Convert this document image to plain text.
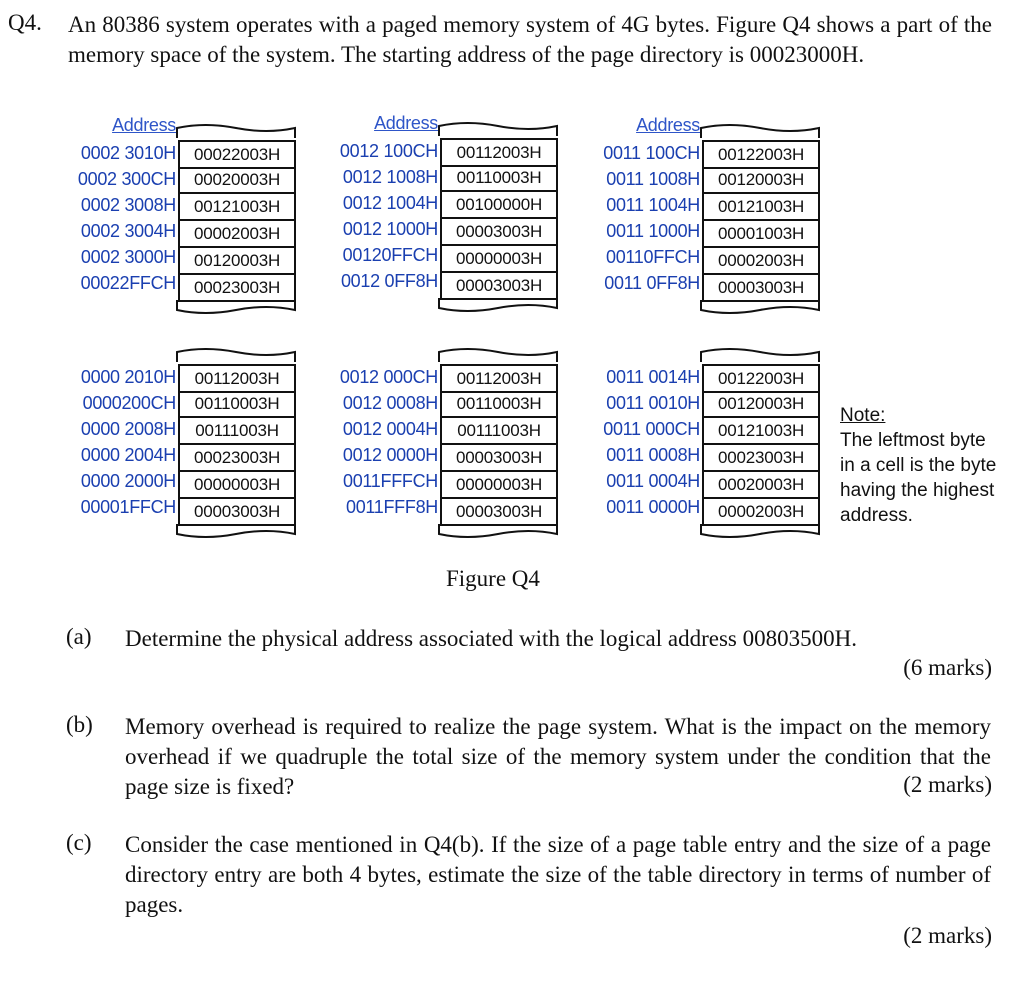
Q4. An 80386 system operates with a paged memory system of 4G bytes. Figure Q4 shows a part of the memory space of the system. The starting address of the page directory is 00023000H.

Address
0002 3010H
0002 300CH
0002 3008H
0002 3004H
0002 3000H
00022FFCH
00022003H
00020003H
00121003H
00002003H
00120003H
00023003H
Address
0012 100CH
0012 1008H
0012 1004H
0012 1000H
00120FFCH
0012 0FF8H
00112003H
00110003H
00100000H
00003003H
00000003H
00003003H
Address
0011 100CH
0011 1008H
0011 1004H
0011 1000H
00110FFCH
0011 0FF8H
00122003H
00120003H
00121003H
00001003H
00002003H
00003003H
0000 2010H
0000200CH
0000 2008H
0000 2004H
0000 2000H
00001FFCH
00112003H
00110003H
00111003H
00023003H
00000003H
00003003H
0012 000CH
0012 0008H
0012 0004H
0012 0000H
0011FFFCH
0011FFF8H
00112003H
00110003H
00111003H
00003003H
00000003H
00003003H
0011 0014H
0011 0010H
0011 000CH
0011 0008H
0011 0004H
0011 0000H
00122003H
00120003H
00121003H
00023003H
00020003H
00002003H
Note:
The leftmost byte in a cell is the byte having the highest address.
Figure Q4
(a) Determine the physical address associated with the logical address 00803500H.

(6 marks)
(b) Memory overhead is required to realize the page system. What is the impact on the memory overhead if we quadruple the total size of the memory system under the condition that the page size is fixed?	(2 marks)
(c) Consider the case mentioned in Q4(b). If the size of a page table entry and the size of a page directory entry are both 4 bytes, estimate the size of the table directory in terms of number of pages.

(2 marks)
